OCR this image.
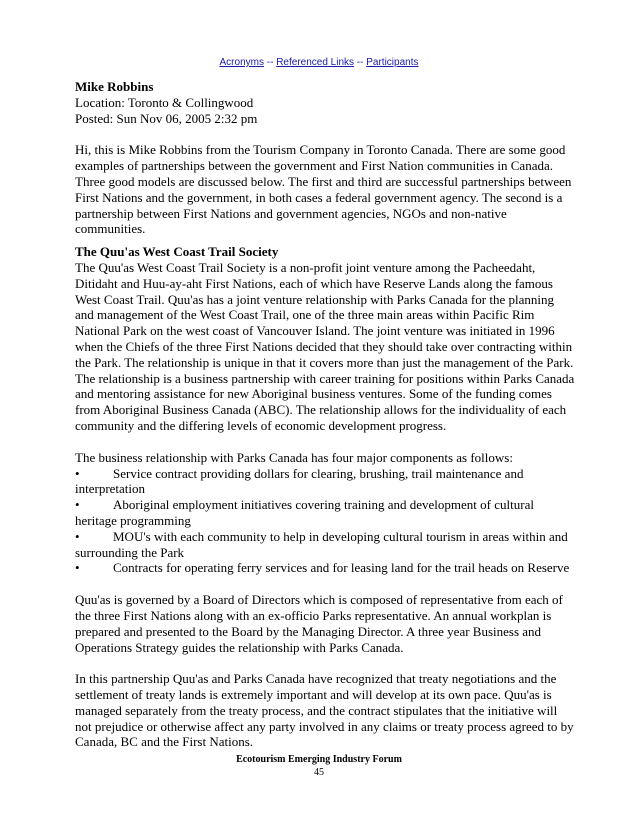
Acronyms -- Referenced Links -- Participants
Mike Robbins
Location: Toronto & Collingwood
Posted: Sun Nov 06, 2005 2:32 pm
Hi, this is Mike Robbins from the Tourism Company in Toronto Canada. There are some good examples of partnerships between the government and First Nation communities in Canada. Three good models are discussed below. The first and third are successful partnerships between First Nations and the government, in both cases a federal government agency. The second is a partnership between First Nations and government agencies, NGOs and non-native communities.
The Quu'as West Coast Trail Society
The Quu'as West Coast Trail Society is a non-profit joint venture among the Pacheedaht, Ditidaht and Huu-ay-aht First Nations, each of which have Reserve Lands along the famous West Coast Trail. Quu'as has a joint venture relationship with Parks Canada for the planning and management of the West Coast Trail, one of the three main areas within Pacific Rim National Park on the west coast of Vancouver Island. The joint venture was initiated in 1996 when the Chiefs of the three First Nations decided that they should take over contracting within the Park. The relationship is unique in that it covers more than just the management of the Park. The relationship is a business partnership with career training for positions within Parks Canada and mentoring assistance for new Aboriginal business ventures. Some of the funding comes from Aboriginal Business Canada (ABC). The relationship allows for the individuality of each community and the differing levels of economic development progress.
The business relationship with Parks Canada has four major components as follows:
•	Service contract providing dollars for clearing, brushing, trail maintenance and interpretation
•	Aboriginal employment initiatives covering training and development of cultural heritage programming
•	MOU's with each community to help in developing cultural tourism in areas within and surrounding the Park
•	Contracts for operating ferry services and for leasing land for the trail heads on Reserve
Quu'as is governed by a Board of Directors which is composed of representative from each of the three First Nations along with an ex-officio Parks representative. An annual workplan is prepared and presented to the Board by the Managing Director. A three year Business and Operations Strategy guides the relationship with Parks Canada.
In this partnership Quu'as and Parks Canada have recognized that treaty negotiations and the settlement of treaty lands is extremely important and will develop at its own pace. Quu'as is managed separately from the treaty process, and the contract stipulates that the initiative will not prejudice or otherwise affect any party involved in any claims or treaty process agreed to by Canada, BC and the First Nations.
Ecotourism Emerging Industry Forum
45
